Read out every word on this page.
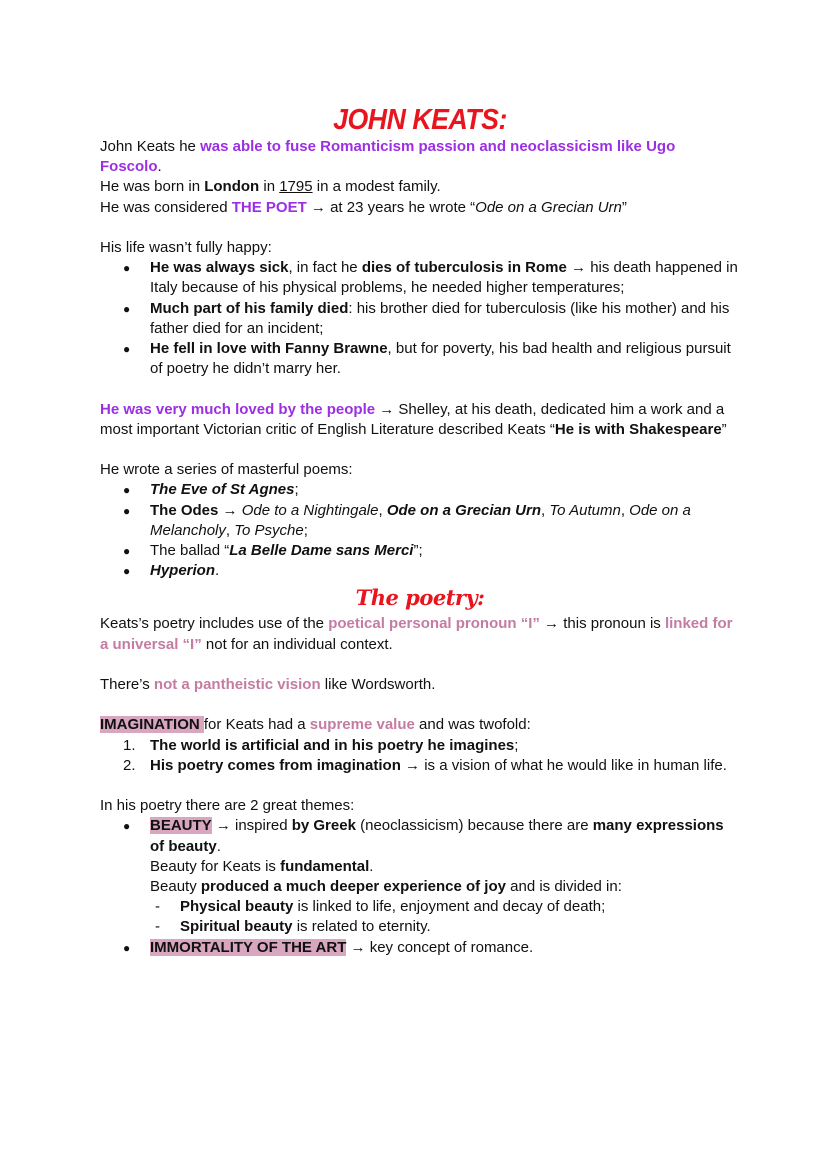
JOHN KEATS:
John Keats he was able to fuse Romanticism passion and neoclassicism like Ugo Foscolo.
He was born in London in 1795 in a modest family.
He was considered THE POET → at 23 years he wrote “Ode on a Grecian Urn”
His life wasn’t fully happy:
●	He was always sick, in fact he dies of tuberculosis in Rome → his death happened in Italy because of his physical problems, he needed higher temperatures;
●	Much part of his family died: his brother died for tuberculosis (like his mother) and his father died for an incident;
●	He fell in love with Fanny Brawne, but for poverty, his bad health and religious pursuit of poetry he didn’t marry her.
He was very much loved by the people → Shelley, at his death, dedicated him a work and a most important Victorian critic of English Literature described Keats “He is with Shakespeare”
He wrote a series of masterful poems:
●	The Eve of St Agnes;
●	The Odes → Ode to a Nightingale, Ode on a Grecian Urn, To Autumn, Ode on a Melancholy, To Psyche;
●	The ballad “La Belle Dame sans Merci”;
●	Hyperion.
The poetry:
Keats’s poetry includes use of the poetical personal pronoun “I” → this pronoun is linked for a universal “I” not for an individual context.
There’s not a pantheistic vision like Wordsworth.
IMAGINATION for Keats had a supreme value and was twofold:
1. The world is artificial and in his poetry he imagines;
2. His poetry comes from imagination → is a vision of what he would like in human life.
In his poetry there are 2 great themes:
●	BEAUTY → inspired by Greek (neoclassicism) because there are many expressions of beauty.
Beauty for Keats is fundamental.
Beauty produced a much deeper experience of joy and is divided in:
-	Physical beauty is linked to life, enjoyment and decay of death;
-	Spiritual beauty is related to eternity.
●	IMMORTALITY OF THE ART → key concept of romance.
